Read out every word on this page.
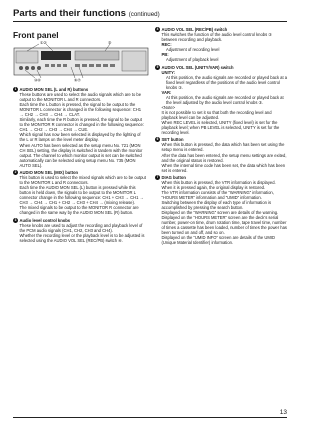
Parts and their functions (continued)
Front panel
①②	⑤
③④	⑥⑦
1 AUDIO MON SEL (L and R) buttons
These buttons are used to select the audio signals which are to be output to the MONITOR L and R connectors.
Each time the L button is pressed, the signal to be output to the MONITOR L connector is changed in the following sequence: CH1 → CH2 → CH3 → CH4 → CLAT.
Similarly, each time the R button is pressed, the signal to be output to the MONITOR R connector is changed in the following sequence: CH1 → CH2 → CH3 → CH4 → CUE.
Which signal has now been selected is displayed by the lighting of the L or R lamps on the level meter display.
When AUTO has been selected as the setup menu No. 721 (MON CH SEL) setting, the display is switched in tandem with the monitor output. The channel to which monitor output is set can be switched automatically can be selected using setup menu No. 735 (MON AUTO SEL).
2 AUDIO MON SEL (MIX) button
This button is used to select the mixed signals which are to be output to the MONITOR L and R connectors.
Each time the AUDIO MON SEL (L) button is pressed while this button is held down, the signals to be output to the MONITOR L connector change in the following sequence: CH1 + CH3 → CH1 → CH3 → CH4 → CH1 + CH2 → CH3 + CH4 → (mixing release).
The mixed signals to be output to the MONITOR R connector are changed in the same way by the AUDIO MON SEL (R) button.
3 Audio level control knobs
These knobs are used to adjust the recording and playback level of the PCM audio signals (CH1, CH2, CH3 and CH4).
Whether the recording level or the playback level is to be adjusted is selected using the AUDIO VOL SEL (REC/PB) switch ④.
4 AUDIO VOL SEL (REC/PB) switch
This switches the function of the audio level control knobs ③ between recording and playback.
REC:
Adjustment of recording level
PB:
Adjustment of playback level
5 AUDIO VOL SEL (UNITY/VAR) switch
UNITY:
At this position, the audio signals are recorded or played back at a fixed level regardless of the positions of the audio level control knobs ③.
VAR:
At this position, the audio signals are recorded or played back at the level adjusted by the audio level control knobs ③.
<Note>
It is not possible to set it so that both the recording level and playback level can be adjusted.
When REC LEVEL is selected, UNITY (fixed level) is set for the playback level; when PB LEVEL is selected, UNITY is set for the recording level.
6 SET button
When this button is pressed, the data which has been set using the setup menu is entered.
After the data has been entered, the setup menu settings are exited, and the original status is restored.
When the internal time code has been set, the data which has been set is entered.
7 DIAG button
When this button is pressed, the VTR information is displayed.
When it is pressed again, the original display is restored.
The VTR information consists of the “WARNING” information, “HOURS METER” information and “UMID” information.
Switching between the display of each type of information is accomplished by pressing the search button.
Displayed on the “WARNING” screen are details of the warning.
Displayed on the “HOURS METER” screen are the deck’s serial number, power-on time, drum rotation time, tape travel time, number of times a cassette has been loaded, number of times the power has been turned on and off, and so on.
Displayed on the “UMID INFO” screen are details of the UMID (Unique Material Identifier) information.
13
